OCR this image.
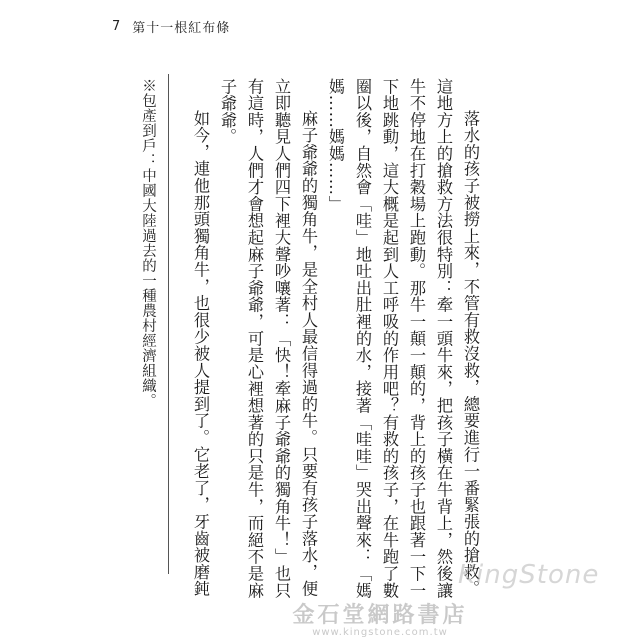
7 第十一根紅布條
※包產到戶：中國大陸過去的一種農村經濟組織。	落水的孩子被撈上來，不管有救沒救，總要進行一番緊張的搶救。這地方上的搶救方法很特別：牽一頭牛來，把孩子橫在牛背上，然後讓牛不停地在打穀場上跑動。那牛一顛一顛的，背上的孩子也跟著一下一下地跳動，這大概是起到人工呼吸的作用吧？有救的孩子，在牛跑了數圈以後，自然會「哇」地吐出肚裡的水，接著「哇哇」哭出聲來：「媽媽……媽媽……」

麻子爺爺的獨角牛，是全村人最信得過的牛。只要有孩子落水，便立即聽見人們四下裡大聲吵嚷著：「快！牽麻子爺爺的獨角牛！」也只有這時，人們才會想起麻子爺爺，可是心裡想著的只是牛，而絕不是麻子爺爺。

如今，連他那頭獨角牛，也很少被人提到了。它老了，牙齒被磨鈍	KingStone
金石堂網路書店
www.kingstone.com.tw
